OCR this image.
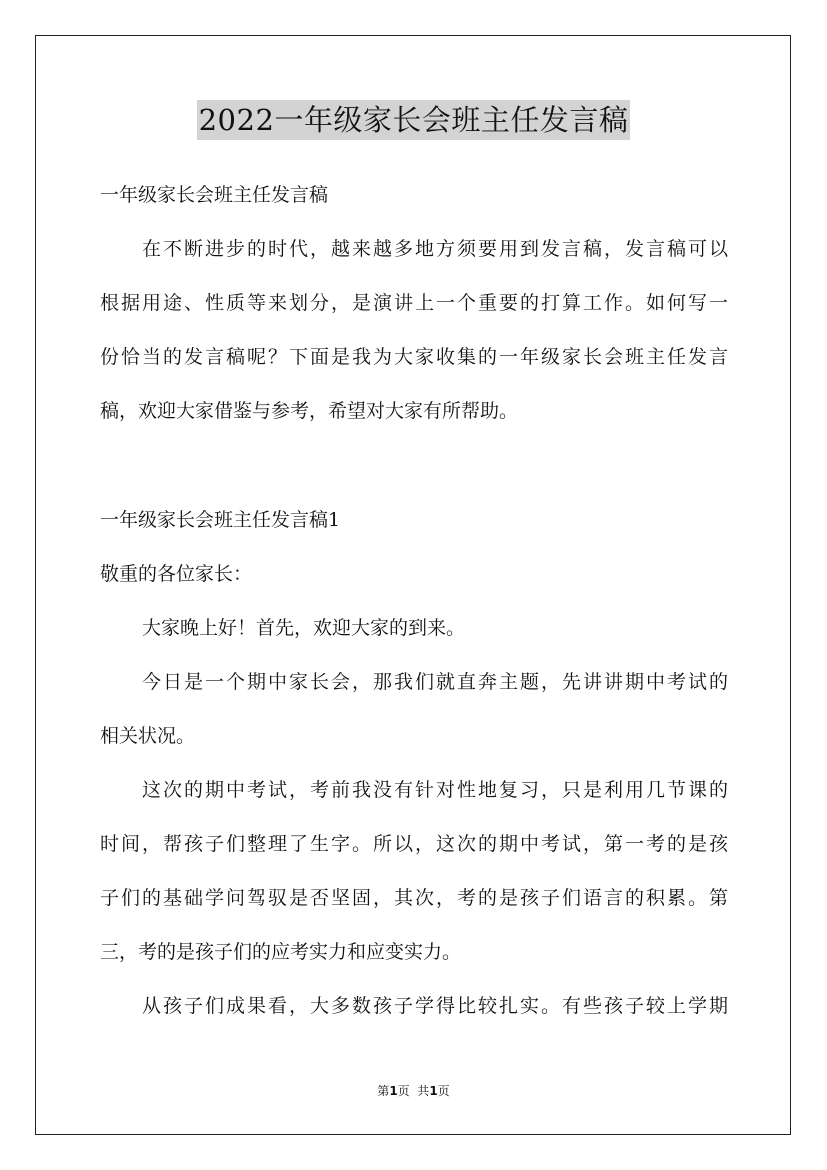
2022一年级家长会班主任发言稿
一年级家长会班主任发言稿
在不断进步的时代，越来越多地方须要用到发言稿，发言稿可以
根据用途、性质等来划分，是演讲上一个重要的打算工作。如何写一
份恰当的发言稿呢？下面是我为大家收集的一年级家长会班主任发言
稿，欢迎大家借鉴与参考，希望对大家有所帮助。
一年级家长会班主任发言稿1
敬重的各位家长：
大家晚上好！首先，欢迎大家的到来。
今日是一个期中家长会，那我们就直奔主题，先讲讲期中考试的
相关状况。
这次的期中考试，考前我没有针对性地复习，只是利用几节课的
时间，帮孩子们整理了生字。所以，这次的期中考试，第一考的是孩
子们的基础学问驾驭是否坚固，其次，考的是孩子们语言的积累。第
三，考的是孩子们的应考实力和应变实力。
从孩子们成果看，大多数孩子学得比较扎实。有些孩子较上学期
第1页  共1页
